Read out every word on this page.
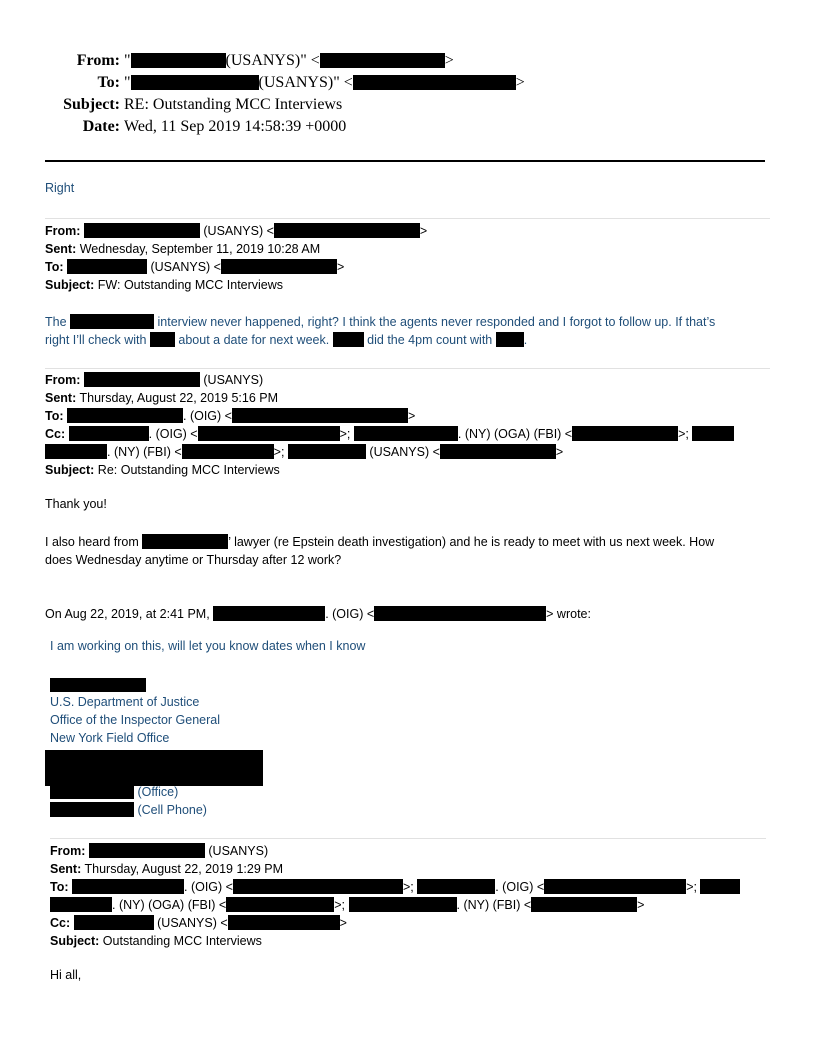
From: "	(USANYS)" <	>
To: "	(USANYS)" <	>
Subject: RE: Outstanding MCC Interviews
Date: Wed, 11 Sep 2019 14:58:39 +0000
Right
From:	(USANYS) <	>
Sent: Wednesday, September 11, 2019 10:28 AM
To:	(USANYS) <	>
Subject: FW: Outstanding MCC Interviews
The	interview never happened, right? I think the agents never responded and I forgot to follow up. If that’s
right I’ll check with	about a date for next week.	did the 4pm count with	.
From:	(USANYS)
Sent: Thursday, August 22, 2019 5:16 PM
To:	. (OIG) <	>
Cc:	. (OIG) <	>;	. (NY) (OGA) (FBI) <	>;
. (NY) (FBI) <	>;	(USANYS) <	>
Subject: Re: Outstanding MCC Interviews
Thank you!
I also heard from	’ lawyer (re Epstein death investigation) and he is ready to meet with us next week. How
does Wednesday anytime or Thursday after 12 work?
On Aug 22, 2019, at 2:41 PM,	. (OIG) <	> wrote:
I am working on this, will let you know dates when I know
U.S. Department of Justice
Office of the Inspector General
New York Field Office
(Office)
(Cell Phone)
From:	(USANYS)
Sent: Thursday, August 22, 2019 1:29 PM
To:	. (OIG) <	>;	. (OIG) <	>;
. (NY) (OGA) (FBI) <	>;	. (NY) (FBI) <	>
Cc:	(USANYS) <	>
Subject: Outstanding MCC Interviews
Hi all,
